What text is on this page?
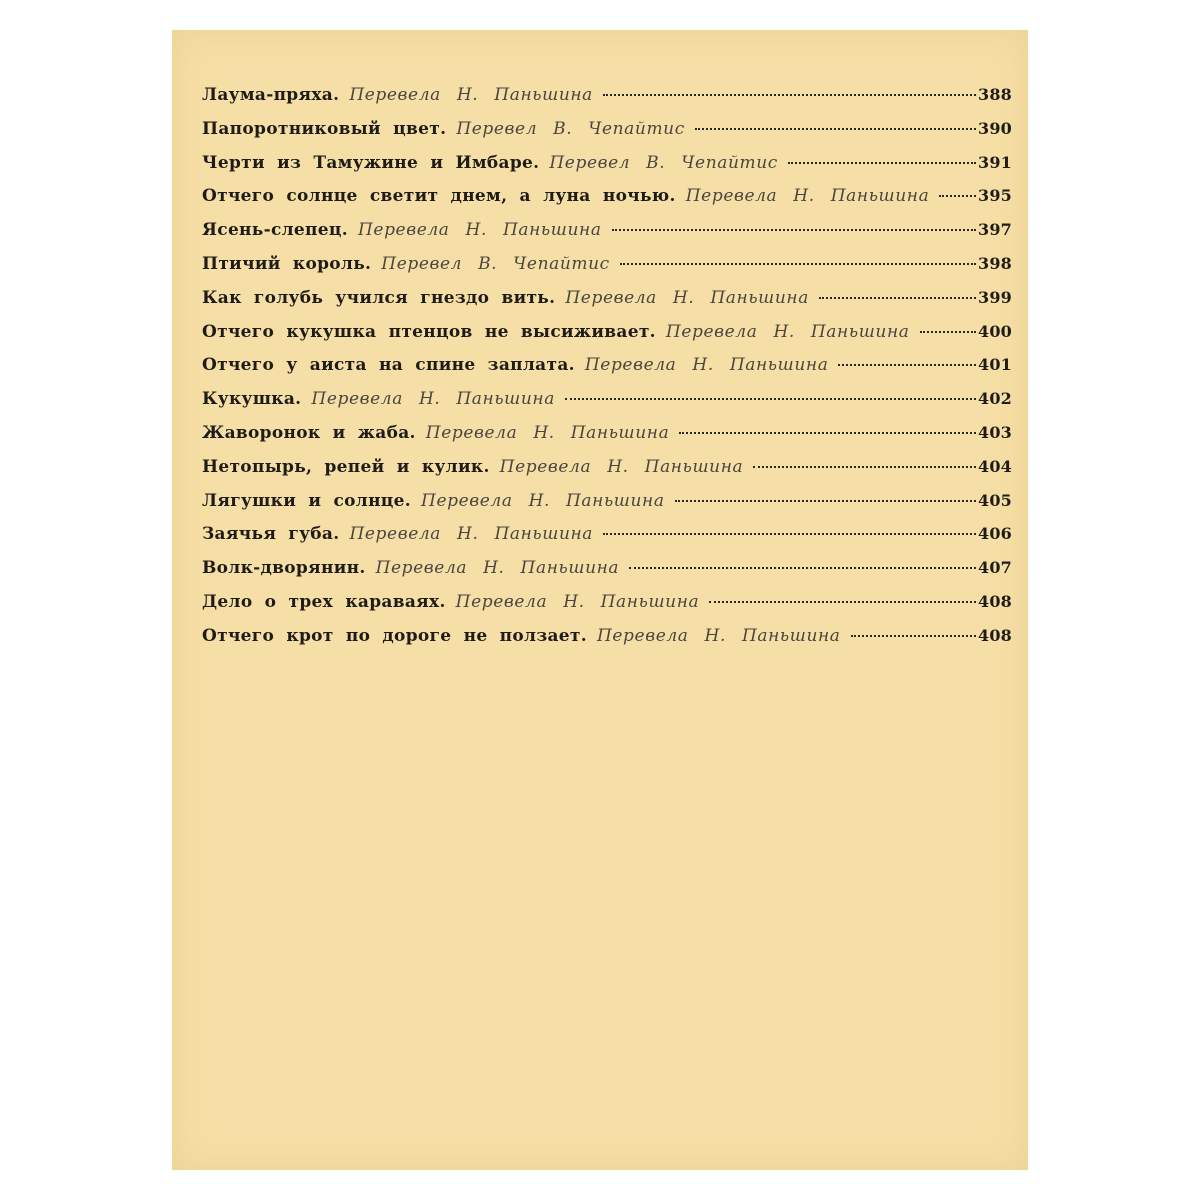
Лаума-пряха. Перевела Н. Паньшина	388
Папоротниковый цвет. Перевел В. Чепайтис	390
Черти из Тамужине и Имбаре. Перевел В. Чепайтис	391
Отчего солнце светит днем, а луна ночью. Перевела Н. Паньшина	395
Ясень-слепец. Перевела Н. Паньшина	397
Птичий король. Перевел В. Чепайтис	398
Как голубь учился гнездо вить. Перевела Н. Паньшина	399
Отчего кукушка птенцов не высиживает. Перевела Н. Паньшина	400
Отчего у аиста на спине заплата. Перевела Н. Паньшина	401
Кукушка. Перевела Н. Паньшина	402
Жаворонок и жаба. Перевела Н. Паньшина	403
Нетопырь, репей и кулик. Перевела Н. Паньшина	404
Лягушки и солнце. Перевела Н. Паньшина	405
Заячья губа. Перевела Н. Паньшина	406
Волк-дворянин. Перевела Н. Паньшина	407
Дело о трех караваях. Перевела Н. Паньшина	408
Отчего крот по дороге не ползает. Перевела Н. Паньшина	408
